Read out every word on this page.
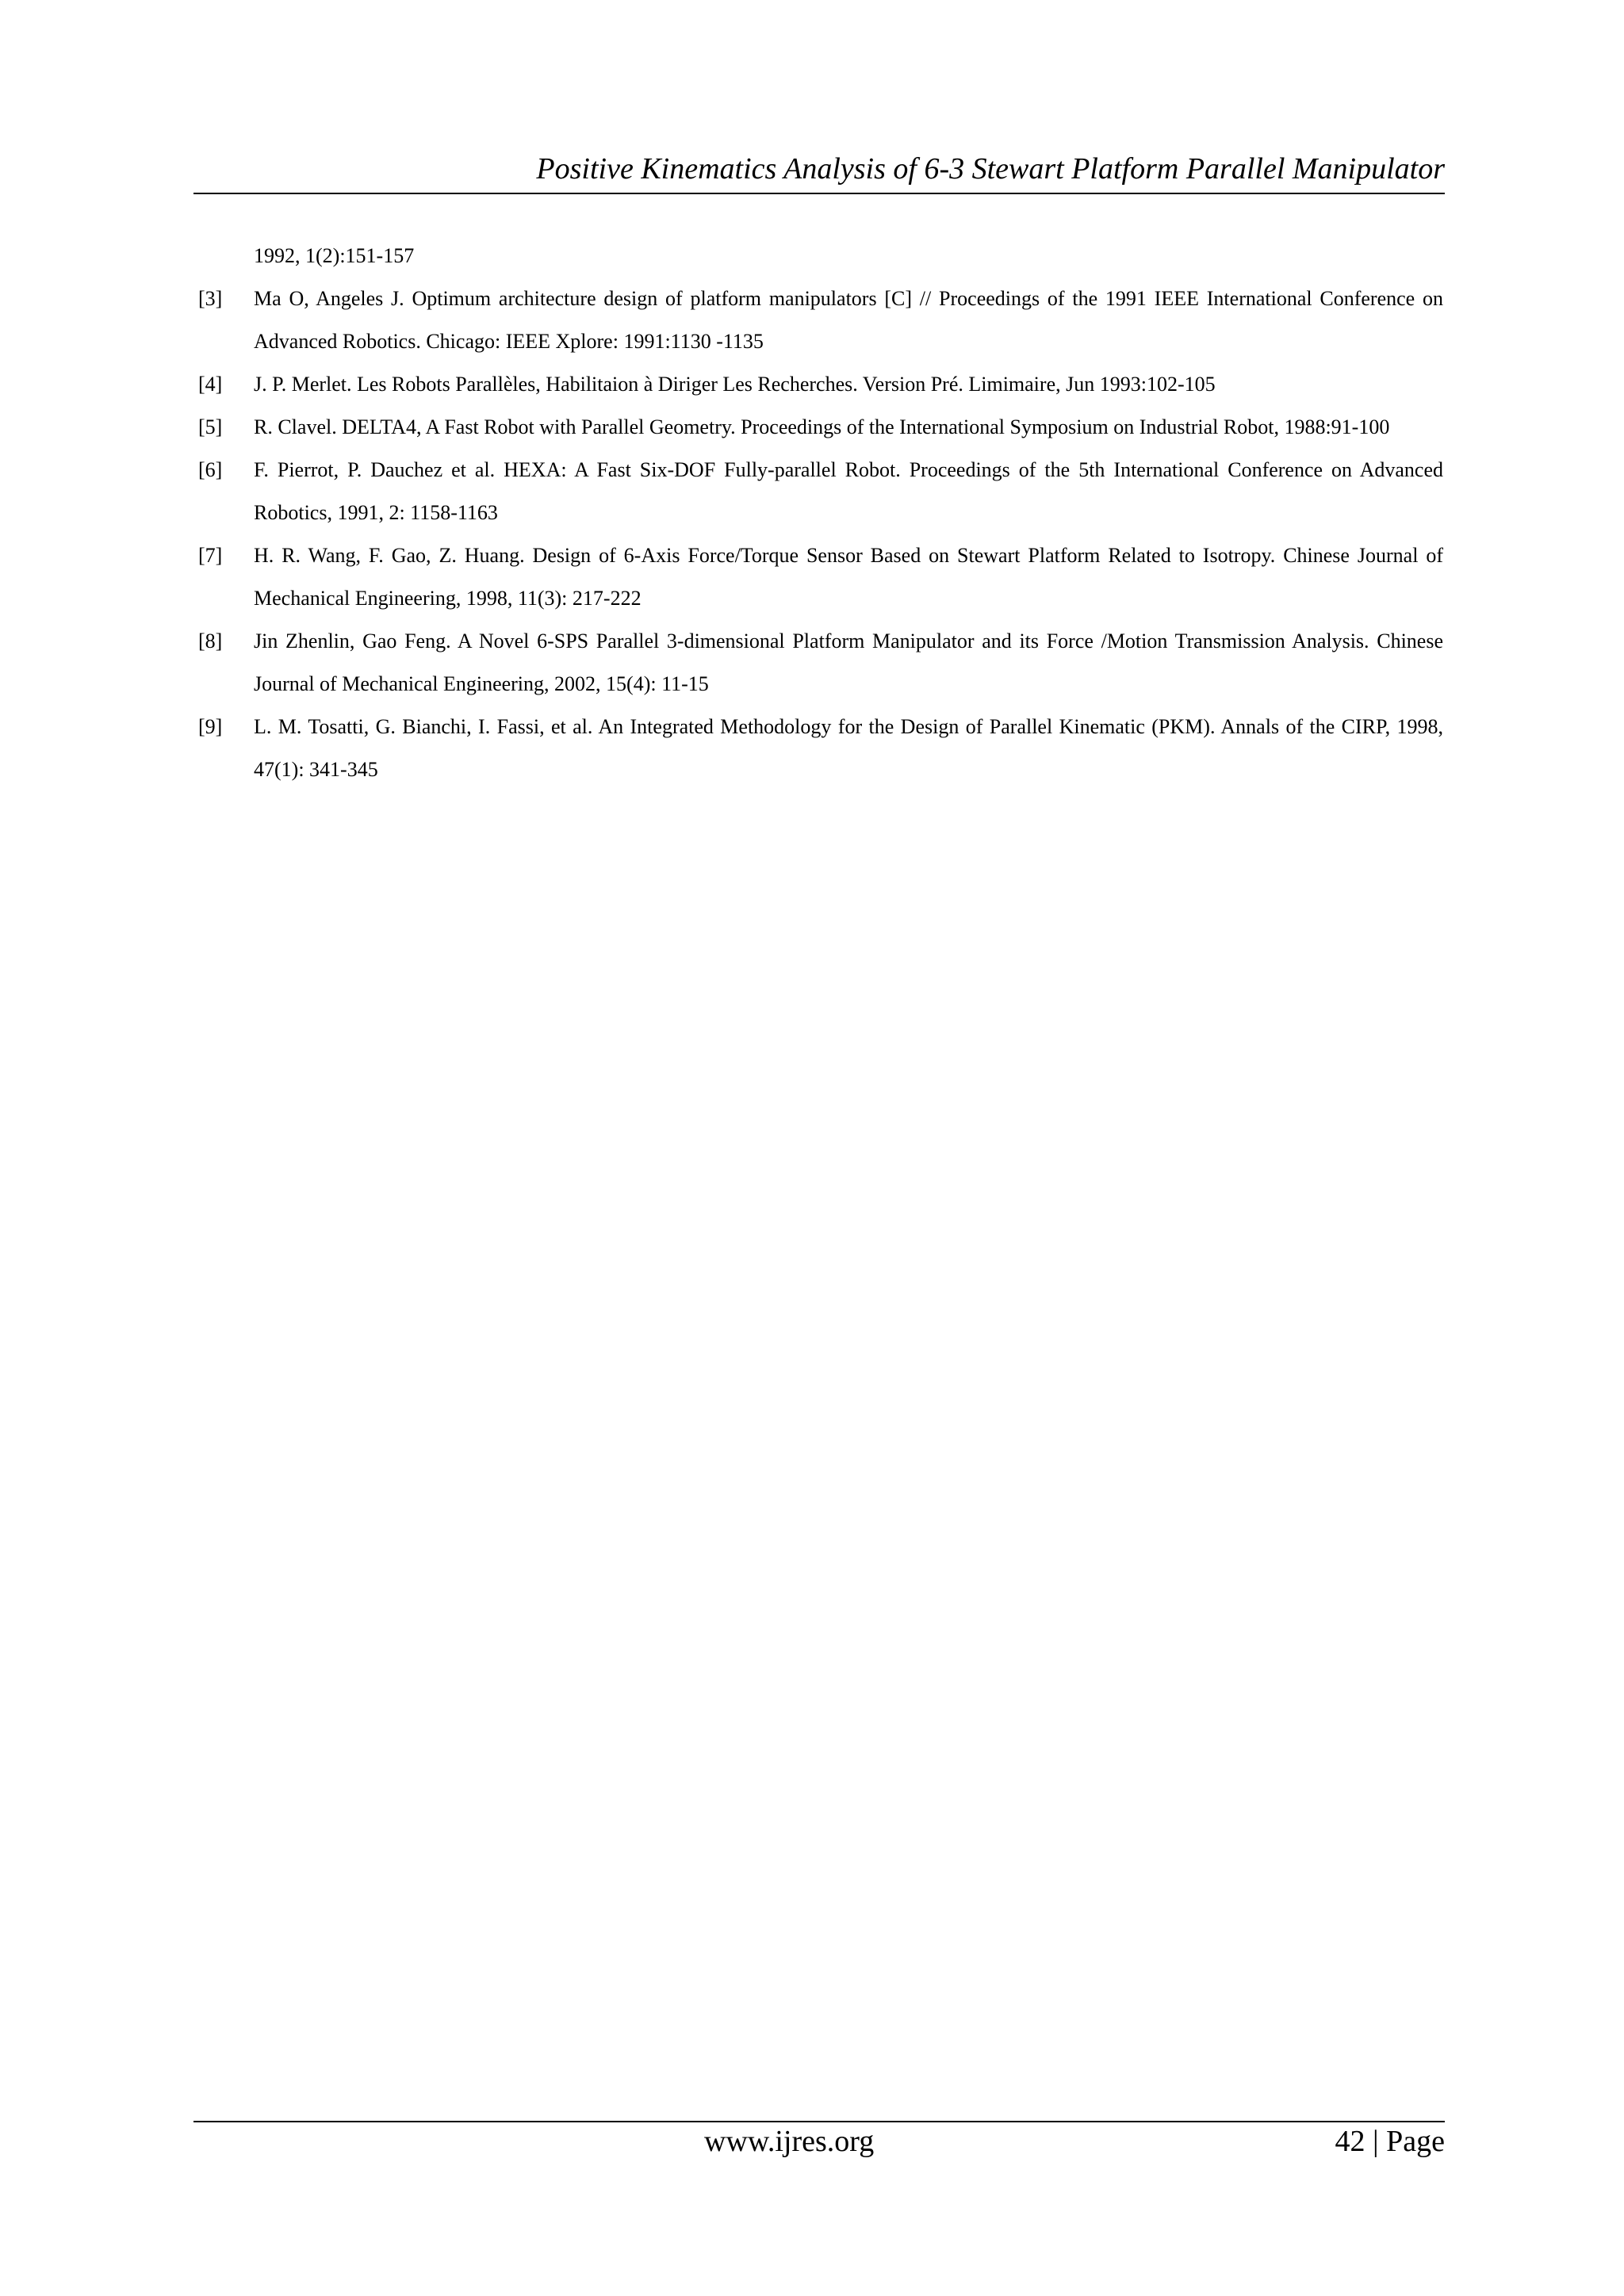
Positive Kinematics Analysis of 6-3 Stewart Platform Parallel Manipulator
1992, 1(2):151-157
[3]	Ma O, Angeles J. Optimum architecture design of platform manipulators [C] // Proceedings of the 1991 IEEE International Conference on Advanced Robotics. Chicago: IEEE Xplore: 1991:1130 -1135
[4]	J. P. Merlet. Les Robots Parallèles, Habilitaion à Diriger Les Recherches. Version Pré. Limimaire, Jun 1993:102-105
[5]	R. Clavel. DELTA4, A Fast Robot with Parallel Geometry. Proceedings of the International Symposium on Industrial Robot, 1988:91-100
[6]	F. Pierrot, P. Dauchez et al. HEXA: A Fast Six-DOF Fully-parallel Robot. Proceedings of the 5th International Conference on Advanced Robotics, 1991, 2: 1158-1163
[7]	H. R. Wang, F. Gao, Z. Huang. Design of 6-Axis Force/Torque Sensor Based on Stewart Platform Related to Isotropy. Chinese Journal of Mechanical Engineering, 1998, 11(3): 217-222
[8]	Jin Zhenlin, Gao Feng. A Novel 6-SPS Parallel 3-dimensional Platform Manipulator and its Force /Motion Transmission Analysis. Chinese Journal of Mechanical Engineering, 2002, 15(4): 11-15
[9]	L. M. Tosatti, G. Bianchi, I. Fassi, et al. An Integrated Methodology for the Design of Parallel Kinematic (PKM). Annals of the CIRP, 1998, 47(1): 341-345
www.ijres.org	42 | Page
